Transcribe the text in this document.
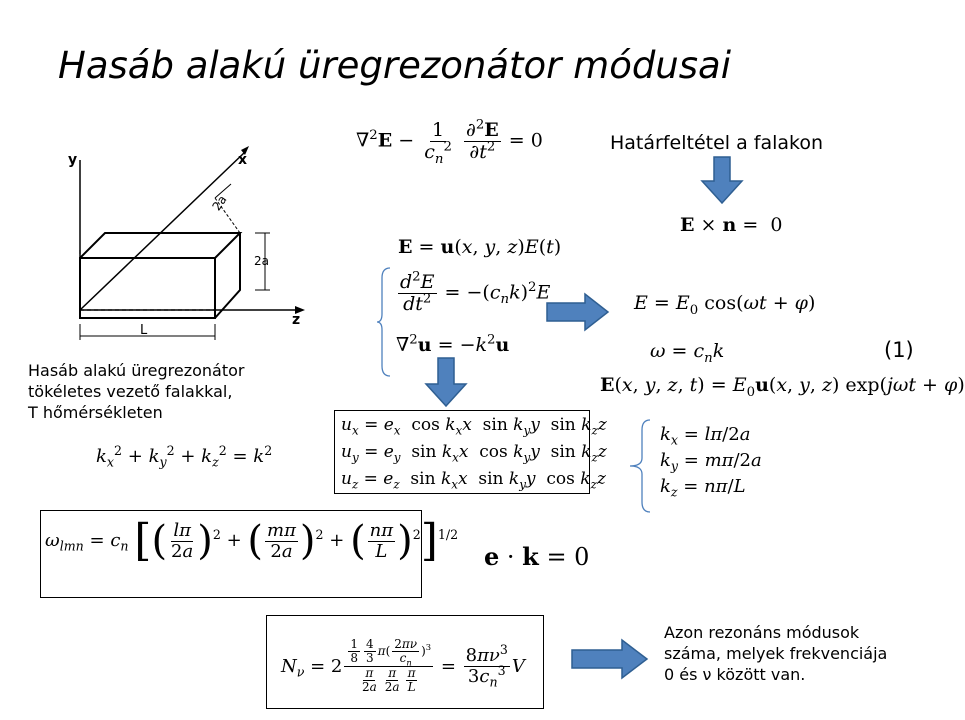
Hasáb alakú üregrezonátor módusai
y	x
z
2a
2a
L
Hasáb alakú üregrezonátor
tökéletes vezető falakkal,
T hőmérsékleten
$\nabla^2E - \frac{1}{c_n^2}$
$\frac{\partial^2E}{\partial t^2} = 0$	Határfeltétel a falakon
E × n =  0
E = u(x, y, z)E(t)
$\frac{d^2E}{dt^2} = -(c_nk)^2E$
$\nabla^2u = -k^2u$
$E = E_0$ cos(ωt + φ)
$\omega = c_nk$	(1)
E(x, y, z, $t) = E_0u(x$, y, z) exp(jωt + φ)
$u_x = e_x$  $\cos k_xx$  $\sin k_yy$  $\sin k_zz$
$u_y = e_y$  $\sin k_xx$  $\cos k_yy$  $\sin k_zz$
$u_z = e_z$  $\sin k_xx$  $\sin k_yy$  $\cos k_zz$
$k_x = l\pi/2a$
$k_y = m\pi/2a$
$k_z = n\pi/L$
$k_x^2 + k_y^2 + k_z^2 = k^2$
$\omega_{lmn} = c_n$ [( $\frac{l\pi}{2a} )^2$ + ( $\frac{m\pi}{2a} )^2$ + ( $\frac{n\pi}{L} )^2]^{1/2}$
e · k = 0
$N_\nu = 2 \frac{\frac{1}{8} \frac{4}{3} \pi( \frac{2\pi\nu}{c_n} )^3}{\frac{\pi}{2a} \frac{\pi}{2a} \frac{\pi}{L}} = \frac{8\pi\nu^3}{3c_n^3}$ V
Azon rezonáns módusok
száma, melyek frekvenciája
0 és ν között van.
